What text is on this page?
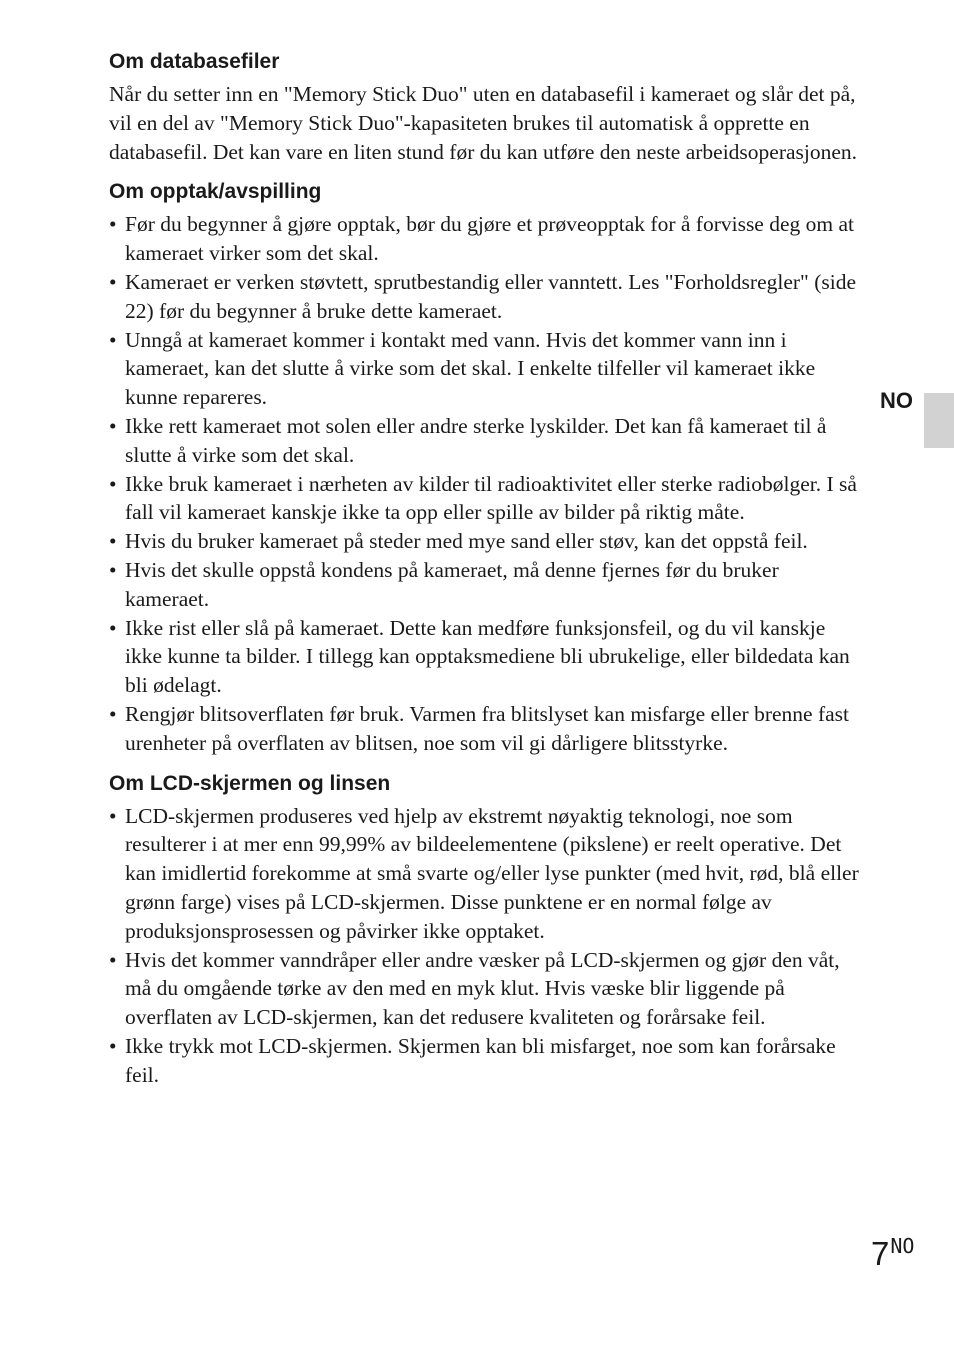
Om databasefiler

Når du setter inn en "Memory Stick Duo" uten en databasefil i kameraet og slår det på, vil en del av "Memory Stick Duo"-kapasiteten brukes til automatisk å opprette en databasefil. Det kan vare en liten stund før du kan utføre den neste arbeidsoperasjonen.

Om opptak/avspilling
• Før du begynner å gjøre opptak, bør du gjøre et prøveopptak for å forvisse deg om at kameraet virker som det skal.
• Kameraet er verken støvtett, sprutbestandig eller vanntett. Les "Forholdsregler" (side 22) før du begynner å bruke dette kameraet.
• Unngå at kameraet kommer i kontakt med vann. Hvis det kommer vann inn i kameraet, kan det slutte å virke som det skal. I enkelte tilfeller vil kameraet ikke kunne repareres.
• Ikke rett kameraet mot solen eller andre sterke lyskilder. Det kan få kameraet til å slutte å virke som det skal.
• Ikke bruk kameraet i nærheten av kilder til radioaktivitet eller sterke radiobølger. I så fall vil kameraet kanskje ikke ta opp eller spille av bilder på riktig måte.
• Hvis du bruker kameraet på steder med mye sand eller støv, kan det oppstå feil.
• Hvis det skulle oppstå kondens på kameraet, må denne fjernes før du bruker kameraet.
• Ikke rist eller slå på kameraet. Dette kan medføre funksjonsfeil, og du vil kanskje ikke kunne ta bilder. I tillegg kan opptaksmediene bli ubrukelige, eller bildedata kan bli ødelagt.
• Rengjør blitsoverflaten før bruk. Varmen fra blitslyset kan misfarge eller brenne fast urenheter på overflaten av blitsen, noe som vil gi dårligere blitsstyrke.
Om LCD-skjermen og linsen
• LCD-skjermen produseres ved hjelp av ekstremt nøyaktig teknologi, noe som resulterer i at mer enn 99,99% av bildeelementene (pikslene) er reelt operative. Det kan imidlertid forekomme at små svarte og/eller lyse punkter (med hvit, rød, blå eller grønn farge) vises på LCD-skjermen. Disse punktene er en normal følge av produksjonsprosessen og påvirker ikke opptaket.
• Hvis det kommer vanndråper eller andre væsker på LCD-skjermen og gjør den våt, må du omgående tørke av den med en myk klut. Hvis væske blir liggende på overflaten av LCD-skjermen, kan det redusere kvaliteten og forårsake feil.
• Ikke trykk mot LCD-skjermen. Skjermen kan bli misfarget, noe som kan forårsake feil.
NO
7NO
